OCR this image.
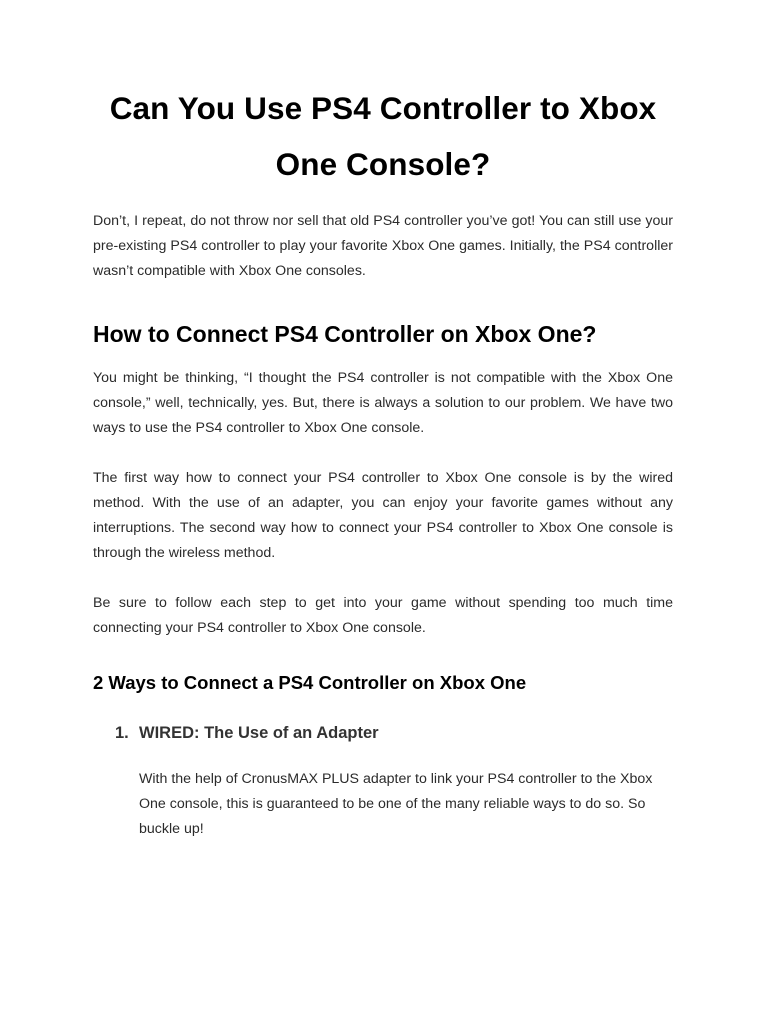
Can You Use PS4 Controller to Xbox One Console?

Don’t, I repeat, do not throw nor sell that old PS4 controller you’ve got! You can still use your pre-existing PS4 controller to play your favorite Xbox One games. Initially, the PS4 controller wasn’t compatible with Xbox One consoles.

How to Connect PS4 Controller on Xbox One?

You might be thinking, “I thought the PS4 controller is not compatible with the Xbox One console,” well, technically, yes. But, there is always a solution to our problem. We have two ways to use the PS4 controller to Xbox One console.

The first way how to connect your PS4 controller to Xbox One console is by the wired method. With the use of an adapter, you can enjoy your favorite games without any interruptions. The second way how to connect your PS4 controller to Xbox One console is through the wireless method.

Be sure to follow each step to get into your game without spending too much time connecting your PS4 controller to Xbox One console.

2 Ways to Connect a PS4 Controller on Xbox One
1. WIRED: The Use of an Adapter

With the help of CronusMAX PLUS adapter to link your PS4 controller to the Xbox One console, this is guaranteed to be one of the many reliable ways to do so. So buckle up!
